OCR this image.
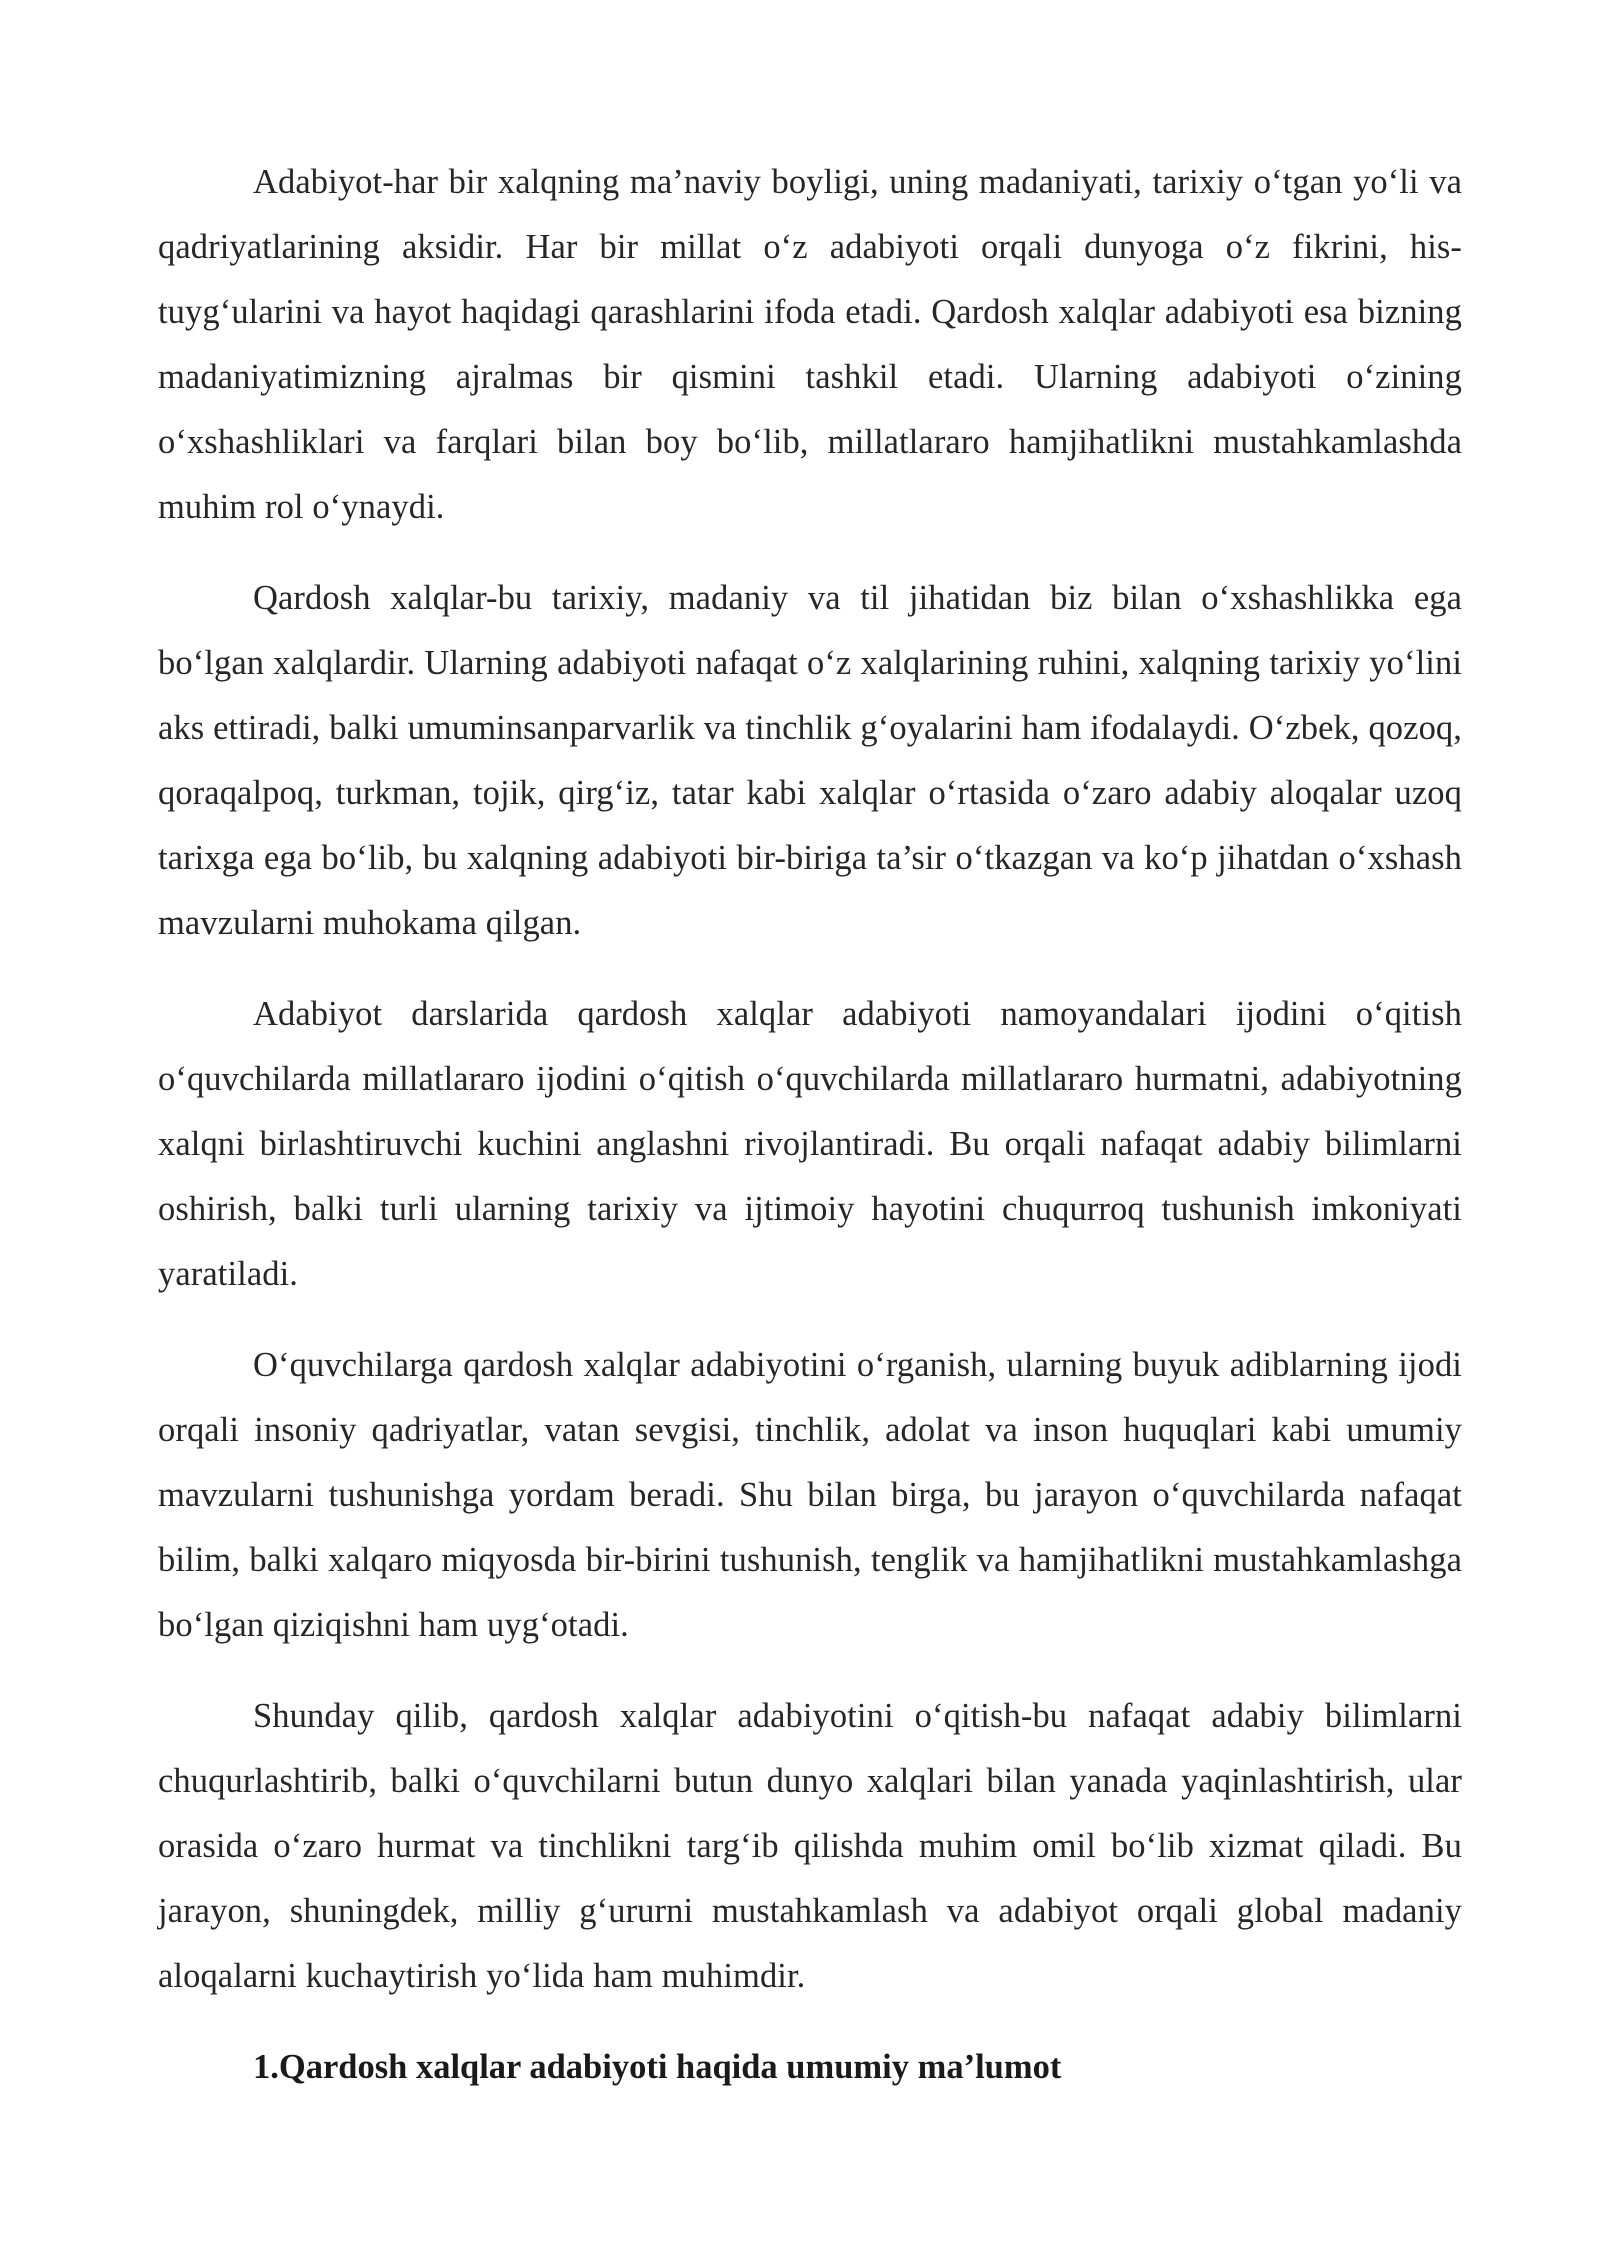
Adabiyot-har bir xalqning ma’naviy boyligi, uning madaniyati, tarixiy o‘tgan yo‘li va qadriyatlarining aksidir. Har bir millat o‘z adabiyoti orqali dunyoga o‘z fikrini, his-tuyg‘ularini va hayot haqidagi qarashlarini ifoda etadi. Qardosh xalqlar adabiyoti esa bizning madaniyatimizning ajralmas bir qismini tashkil etadi. Ularning adabiyoti o‘zining o‘xshashliklari va farqlari bilan boy bo‘lib, millatlararo hamjihatlikni mustahkamlashda muhim rol o‘ynaydi.

Qardosh xalqlar-bu tarixiy, madaniy va til jihatidan biz bilan o‘xshashlikka ega bo‘lgan xalqlardir. Ularning adabiyoti nafaqat o‘z xalqlarining ruhini, xalqning tarixiy yo‘lini aks ettiradi, balki umuminsanparvarlik va tinchlik g‘oyalarini ham ifodalaydi. O‘zbek, qozoq, qoraqalpoq, turkman, tojik, qirg‘iz, tatar kabi xalqlar o‘rtasida o‘zaro adabiy aloqalar uzoq tarixga ega bo‘lib, bu xalqning adabiyoti bir-biriga ta’sir o‘tkazgan va ko‘p jihatdan o‘xshash mavzularni muhokama qilgan.

Adabiyot darslarida qardosh xalqlar adabiyoti namoyandalari ijodini o‘qitish o‘quvchilarda millatlararo ijodini o‘qitish o‘quvchilarda millatlararo hurmatni, adabiyotning xalqni birlashtiruvchi kuchini anglashni rivojlantiradi. Bu orqali nafaqat adabiy bilimlarni oshirish, balki turli ularning tarixiy va ijtimoiy hayotini chuqurroq tushunish imkoniyati yaratiladi.

O‘quvchilarga qardosh xalqlar adabiyotini o‘rganish, ularning buyuk adiblarning ijodi orqali insoniy qadriyatlar, vatan sevgisi, tinchlik, adolat va inson huquqlari kabi umumiy mavzularni tushunishga yordam beradi. Shu bilan birga, bu jarayon o‘quvchilarda nafaqat bilim, balki xalqaro miqyosda bir-birini tushunish, tenglik va hamjihatlikni mustahkamlashga bo‘lgan qiziqishni ham uyg‘otadi.

Shunday qilib, qardosh xalqlar adabiyotini o‘qitish-bu nafaqat adabiy bilimlarni chuqurlashtirib, balki o‘quvchilarni butun dunyo xalqlari bilan yanada yaqinlashtirish, ular orasida o‘zaro hurmat va tinchlikni targ‘ib qilishda muhim omil bo‘lib xizmat qiladi. Bu jarayon, shuningdek, milliy g‘ururni mustahkamlash va adabiyot orqali global madaniy aloqalarni kuchaytirish yo‘lida ham muhimdir.

1.Qardosh xalqlar adabiyoti haqida umumiy ma’lumot
